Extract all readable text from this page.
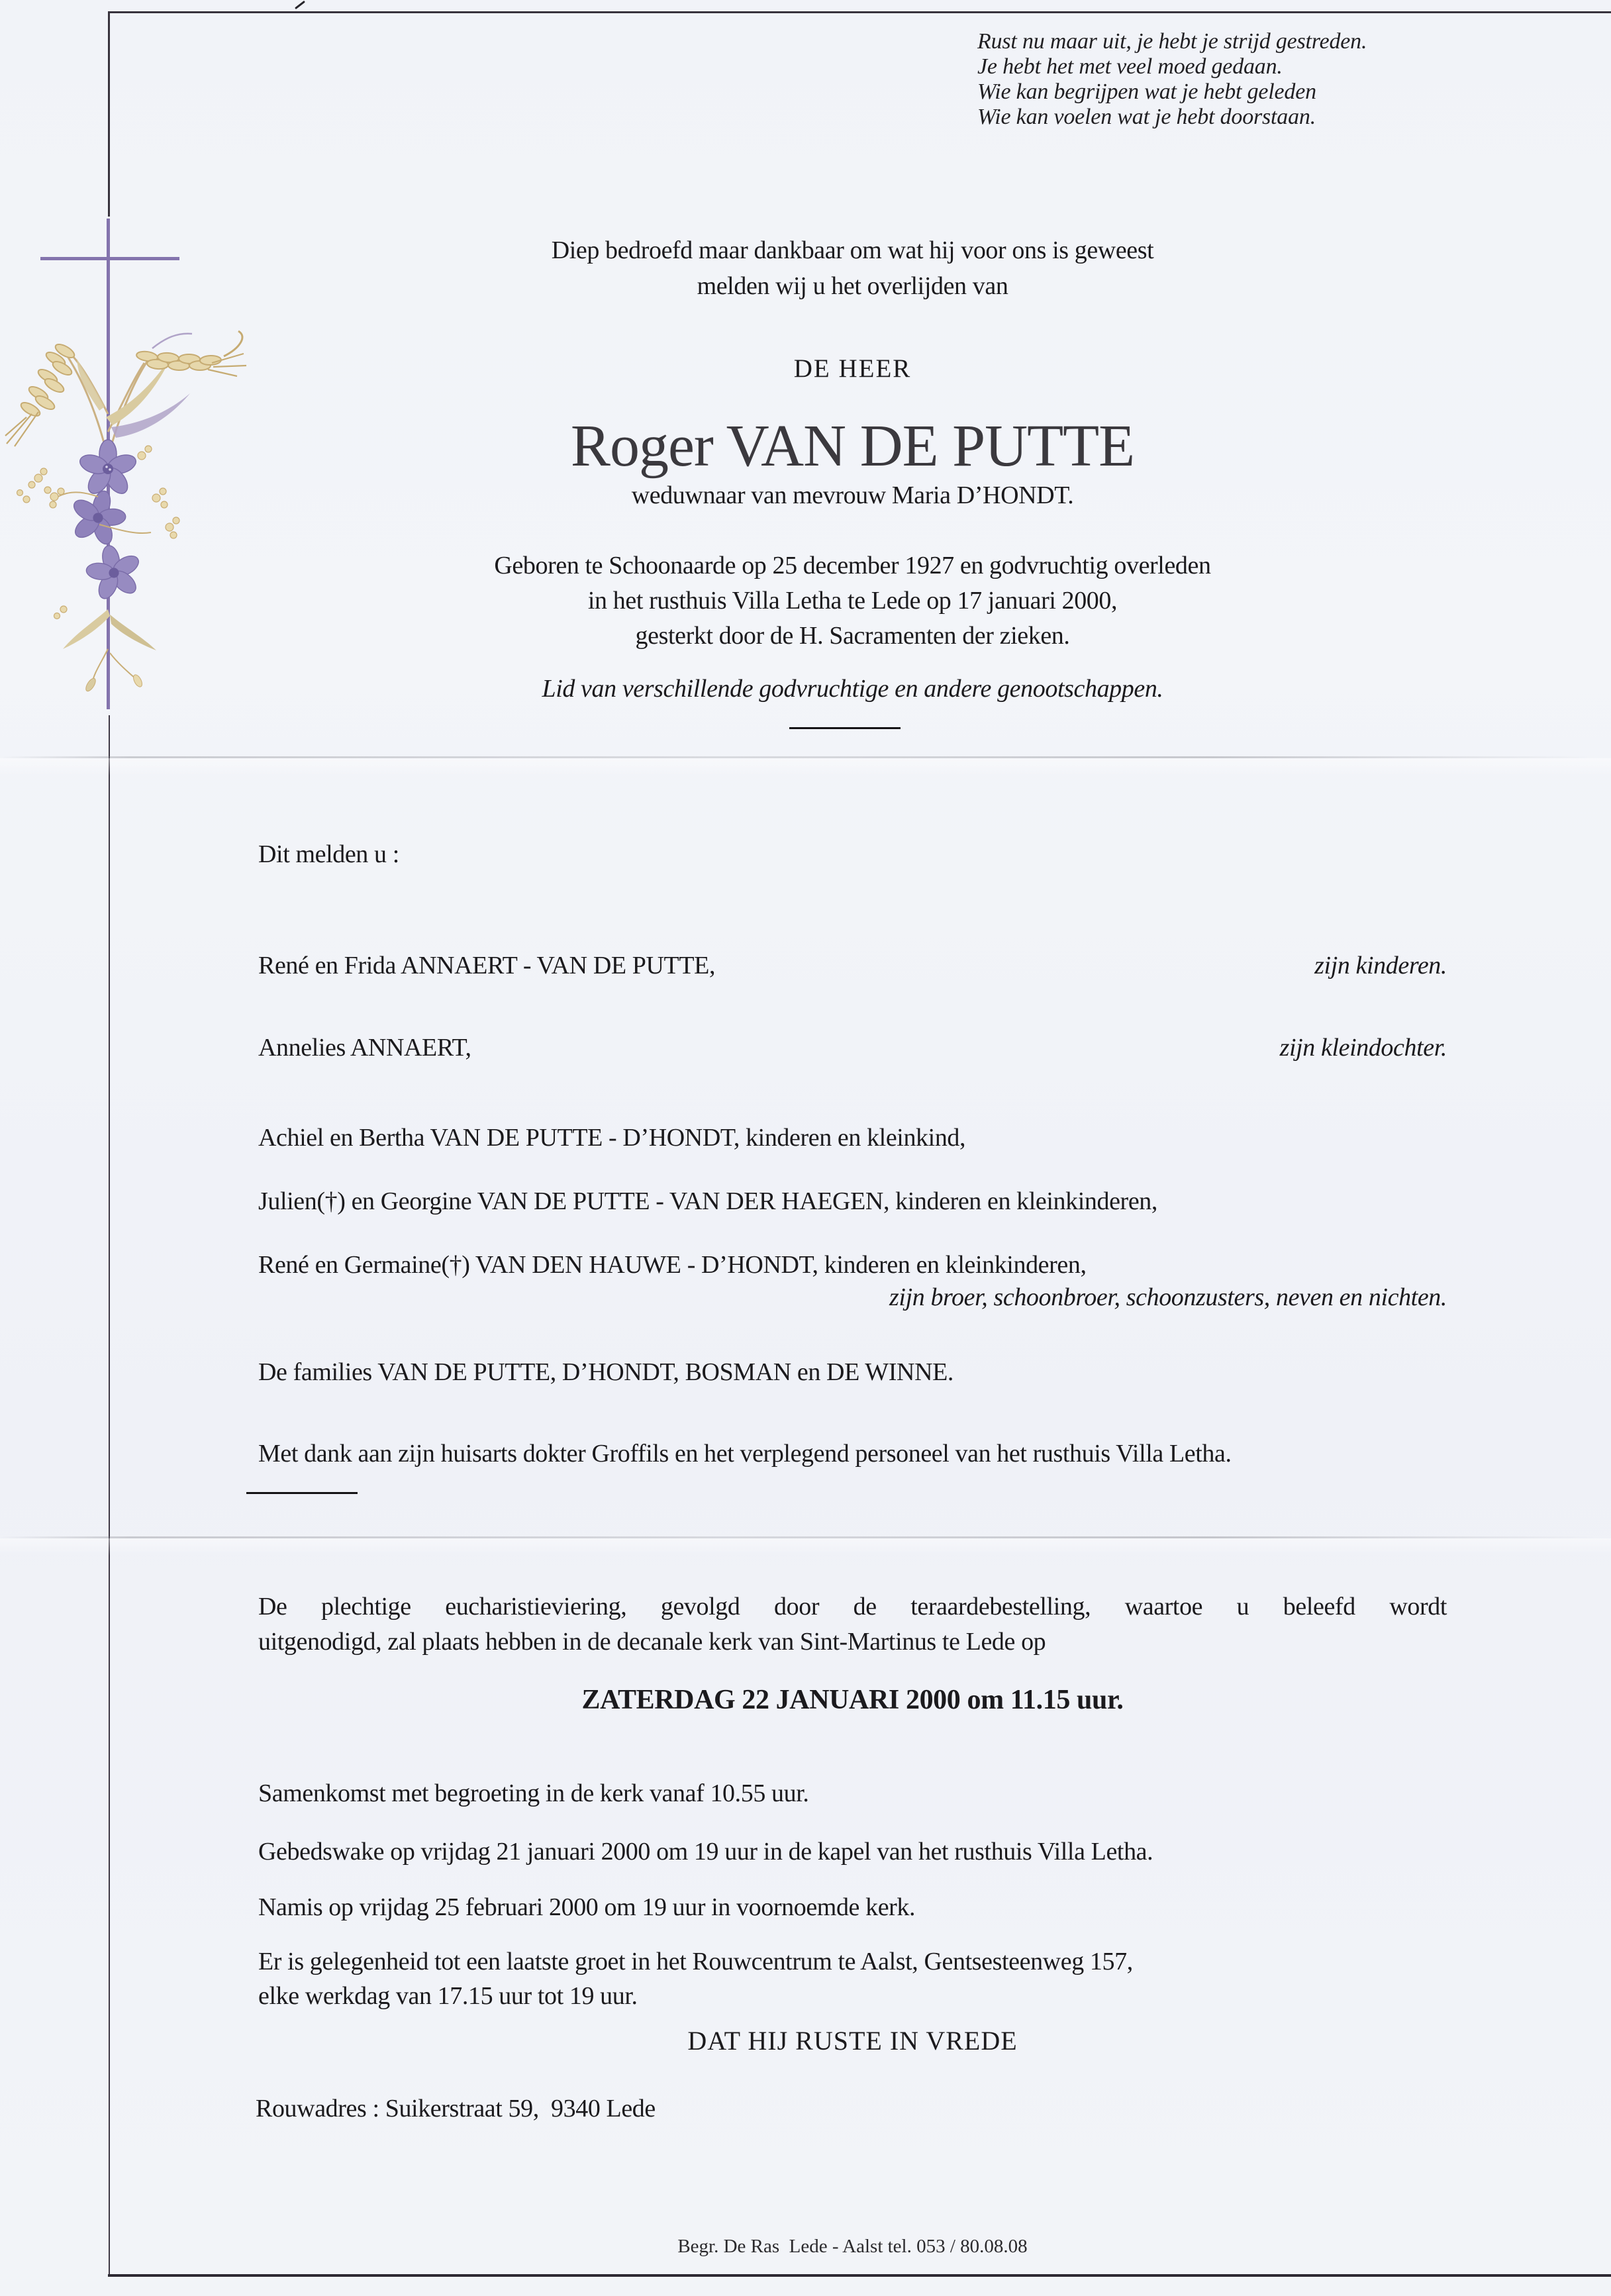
Rust nu maar uit, je hebt je strijd gestreden.
Je hebt het met veel moed gedaan.
Wie kan begrijpen wat je hebt geleden
Wie kan voelen wat je hebt doorstaan.
Diep bedroefd maar dankbaar om wat hij voor ons is geweest
melden wij u het overlijden van
DE HEER
Roger VAN DE PUTTE
weduwnaar van mevrouw Maria D’HONDT.
Geboren te Schoonaarde op 25 december 1927 en godvruchtig overleden
in het rusthuis Villa Letha te Lede op 17 januari 2000,
gesterkt door de H. Sacramenten der zieken.
Lid van verschillende godvruchtige en andere genootschappen.
Dit melden u :
René en Frida ANNAERT - VAN DE PUTTE,	zijn kinderen.
Annelies ANNAERT,	zijn kleindochter.
Achiel en Bertha VAN DE PUTTE - D’HONDT, kinderen en kleinkind,
Julien(†) en Georgine VAN DE PUTTE - VAN DER HAEGEN, kinderen en kleinkinderen,
René en Germaine(†) VAN DEN HAUWE - D’HONDT, kinderen en kleinkinderen,
zijn broer, schoonbroer, schoonzusters, neven en nichten.
De families VAN DE PUTTE, D’HONDT, BOSMAN en DE WINNE.
Met dank aan zijn huisarts dokter Groffils en het verplegend personeel van het rusthuis Villa Letha.
De plechtige eucharistieviering, gevolgd door de teraardebestelling, waartoe u beleefd wordt
uitgenodigd, zal plaats hebben in de decanale kerk van Sint-Martinus te Lede op
ZATERDAG 22 JANUARI 2000 om 11.15 uur.
Samenkomst met begroeting in de kerk vanaf 10.55 uur.
Gebedswake op vrijdag 21 januari 2000 om 19 uur in de kapel van het rusthuis Villa Letha.
Namis op vrijdag 25 februari 2000 om 19 uur in voornoemde kerk.
Er is gelegenheid tot een laatste groet in het Rouwcentrum te Aalst, Gentsesteenweg 157,
elke werkdag van 17.15 uur tot 19 uur.
DAT HIJ RUSTE IN VREDE
Rouwadres : Suikerstraat 59,  9340 Lede
Begr. De Ras  Lede - Aalst tel. 053 / 80.08.08
